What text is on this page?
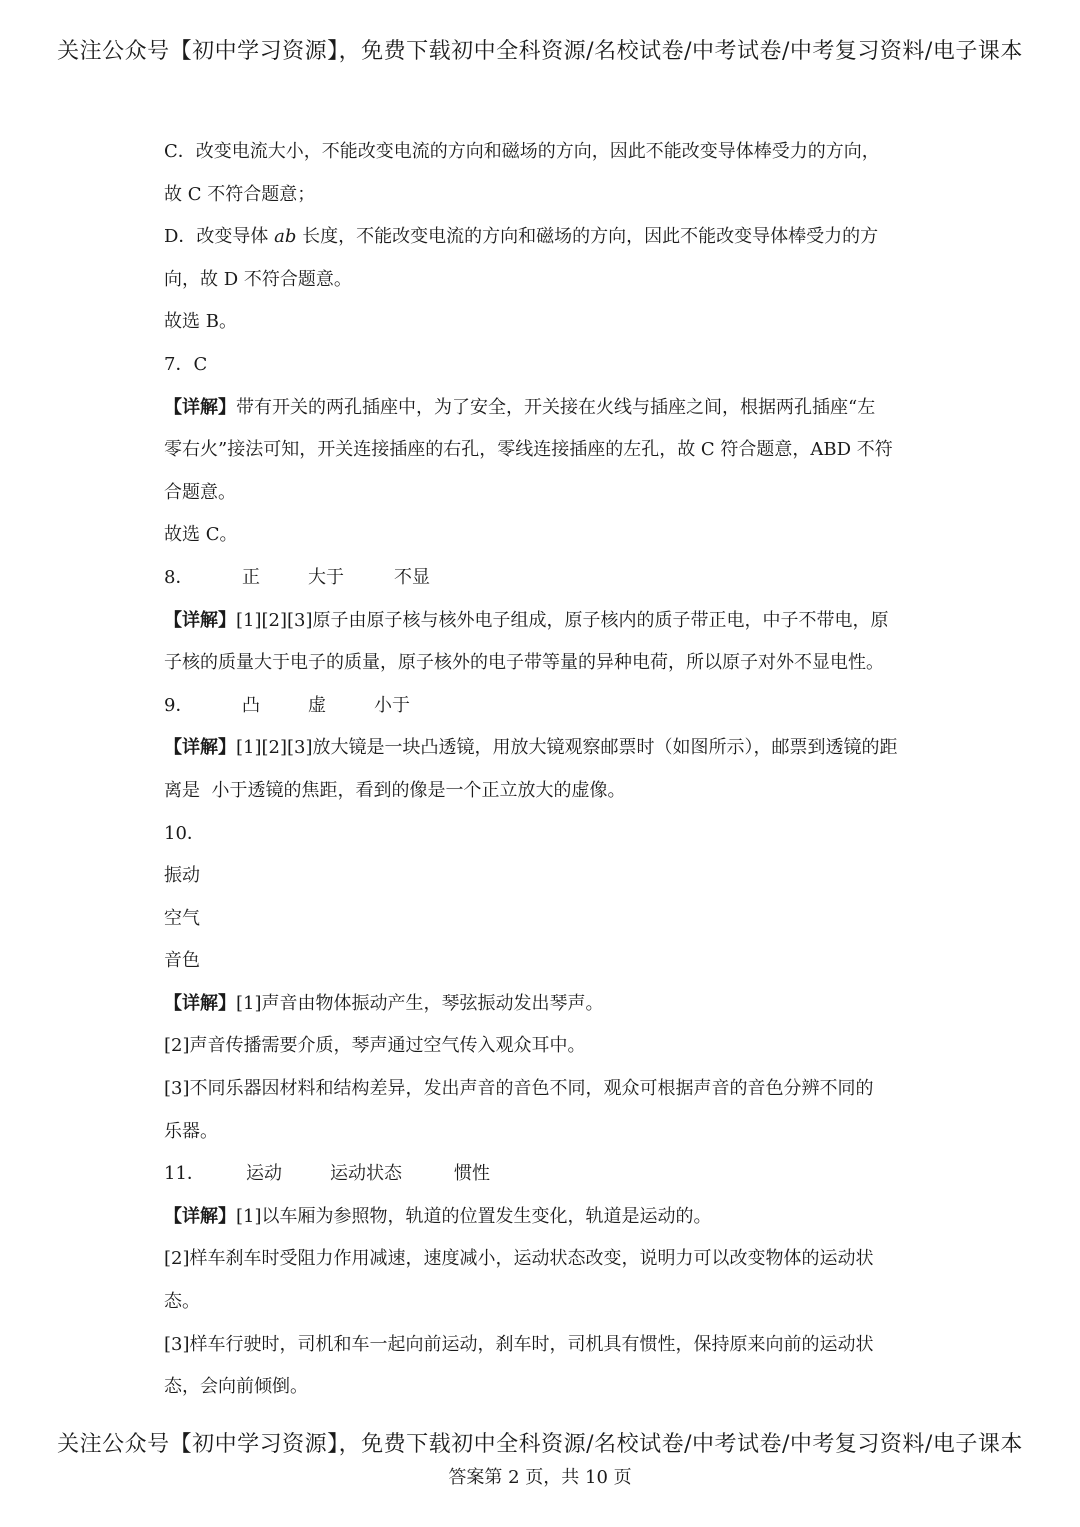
关注公众号【初中学习资源】，免费下载初中全科资源/名校试卷/中考试卷/中考复习资料/电子课本
C．改变电流大小，不能改变电流的方向和磁场的方向，因此不能改变导体棒受力的方向，
故 C 不符合题意；
D．改变导体 ab 长度，不能改变电流的方向和磁场的方向，因此不能改变导体棒受力的方
向，故 D 不符合题意。
故选 B。
7．C
【详解】带有开关的两孔插座中，为了安全，开关接在火线与插座之间，根据两孔插座“左
零右火”接法可知，开关连接插座的右孔，零线连接插座的左孔，故 C 符合题意，ABD 不符
合题意。
故选 C。
8．	正	大于	不显
【详解】[1][2][3]原子由原子核与核外电子组成，原子核内的质子带正电，中子不带电，原
子核的质量大于电子的质量，原子核外的电子带等量的异种电荷，所以原子对外不显电性。
9．	凸	虚	小于
【详解】[1][2][3]放大镜是一块凸透镜，用放大镜观察邮票时（如图所示），邮票到透镜的距
离是  小于透镜的焦距，看到的像是一个正立放大的虚像。
10．
振动
空气
音色
【详解】[1]声音由物体振动产生，琴弦振动发出琴声。
[2]声音传播需要介质，琴声通过空气传入观众耳中。
[3]不同乐器因材料和结构差异，发出声音的音色不同，观众可根据声音的音色分辨不同的
乐器。
11．	运动	运动状态	惯性
【详解】[1]以车厢为参照物，轨道的位置发生变化，轨道是运动的。
[2]样车刹车时受阻力作用减速，速度减小，运动状态改变，说明力可以改变物体的运动状
态。
[3]样车行驶时，司机和车一起向前运动，刹车时，司机具有惯性，保持原来向前的运动状
态，会向前倾倒。
关注公众号【初中学习资源】，免费下载初中全科资源/名校试卷/中考试卷/中考复习资料/电子课本
答案第 2 页，共 10 页
